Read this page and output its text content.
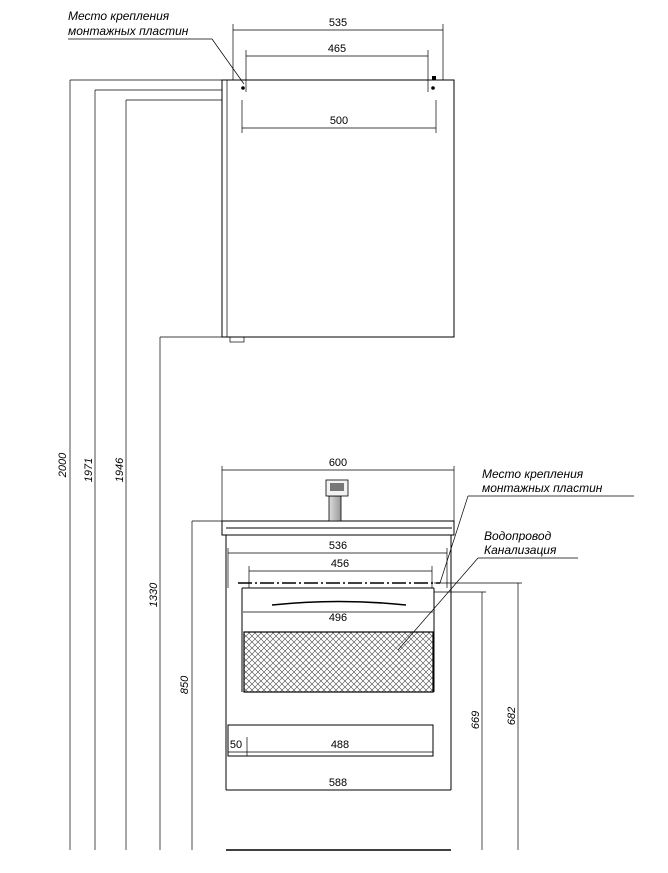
Место крепления
монтажных пластин
535
465
500
2000 1971 1946
1330
850
600
536
456
496
50	488
588
Место крепления
монтажных пластин
Водопровод
Канализация
669 682
